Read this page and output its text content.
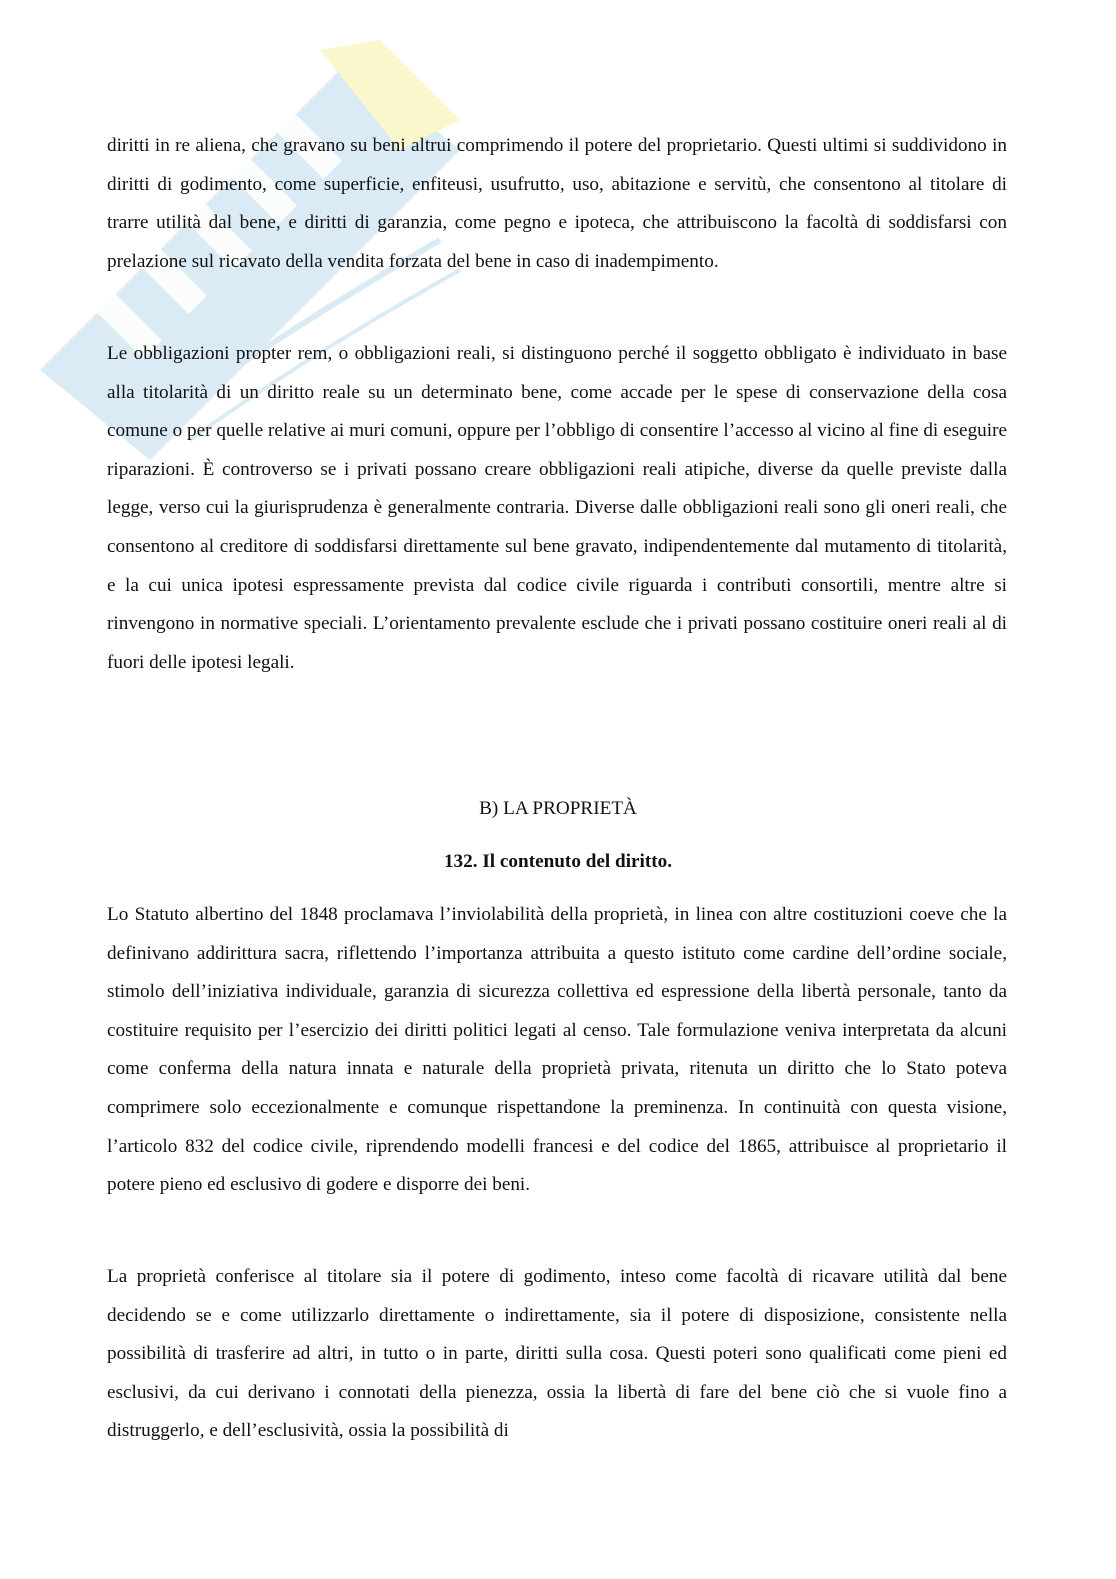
diritti in re aliena, che gravano su beni altrui comprimendo il potere del proprietario. Questi ultimi si suddividono in diritti di godimento, come superficie, enfiteusi, usufrutto, uso, abitazione e servitù, che consentono al titolare di trarre utilità dal bene, e diritti di garanzia, come pegno e ipoteca, che attribuiscono la facoltà di soddisfarsi con prelazione sul ricavato della vendita forzata del bene in caso di inadempimento.

Le obbligazioni propter rem, o obbligazioni reali, si distinguono perché il soggetto obbligato è individuato in base alla titolarità di un diritto reale su un determinato bene, come accade per le spese di conservazione della cosa comune o per quelle relative ai muri comuni, oppure per l’obbligo di consentire l’accesso al vicino al fine di eseguire riparazioni. È controverso se i privati possano creare obbligazioni reali atipiche, diverse da quelle previste dalla legge, verso cui la giurisprudenza è generalmente contraria. Diverse dalle obbligazioni reali sono gli oneri reali, che consentono al creditore di soddisfarsi direttamente sul bene gravato, indipendentemente dal mutamento di titolarità, e la cui unica ipotesi espressamente prevista dal codice civile riguarda i contributi consortili, mentre altre si rinvengono in normative speciali. L’orientamento prevalente esclude che i privati possano costituire oneri reali al di fuori delle ipotesi legali.

B) LA PROPRIETÀ
132. Il contenuto del diritto.

Lo Statuto albertino del 1848 proclamava l’inviolabilità della proprietà, in linea con altre costituzioni coeve che la definivano addirittura sacra, riflettendo l’importanza attribuita a questo istituto come cardine dell’ordine sociale, stimolo dell’iniziativa individuale, garanzia di sicurezza collettiva ed espressione della libertà personale, tanto da costituire requisito per l’esercizio dei diritti politici legati al censo. Tale formulazione veniva interpretata da alcuni come conferma della natura innata e naturale della proprietà privata, ritenuta un diritto che lo Stato poteva comprimere solo eccezionalmente e comunque rispettandone la preminenza. In continuità con questa visione, l’articolo 832 del codice civile, riprendendo modelli francesi e del codice del 1865, attribuisce al proprietario il potere pieno ed esclusivo di godere e disporre dei beni.

La proprietà conferisce al titolare sia il potere di godimento, inteso come facoltà di ricavare utilità dal bene decidendo se e come utilizzarlo direttamente o indirettamente, sia il potere di disposizione, consistente nella possibilità di trasferire ad altri, in tutto o in parte, diritti sulla cosa. Questi poteri sono qualificati come pieni ed esclusivi, da cui derivano i connotati della pienezza, ossia la libertà di fare del bene ciò che si vuole fino a distruggerlo, e dell’esclusività, ossia la possibilità di
